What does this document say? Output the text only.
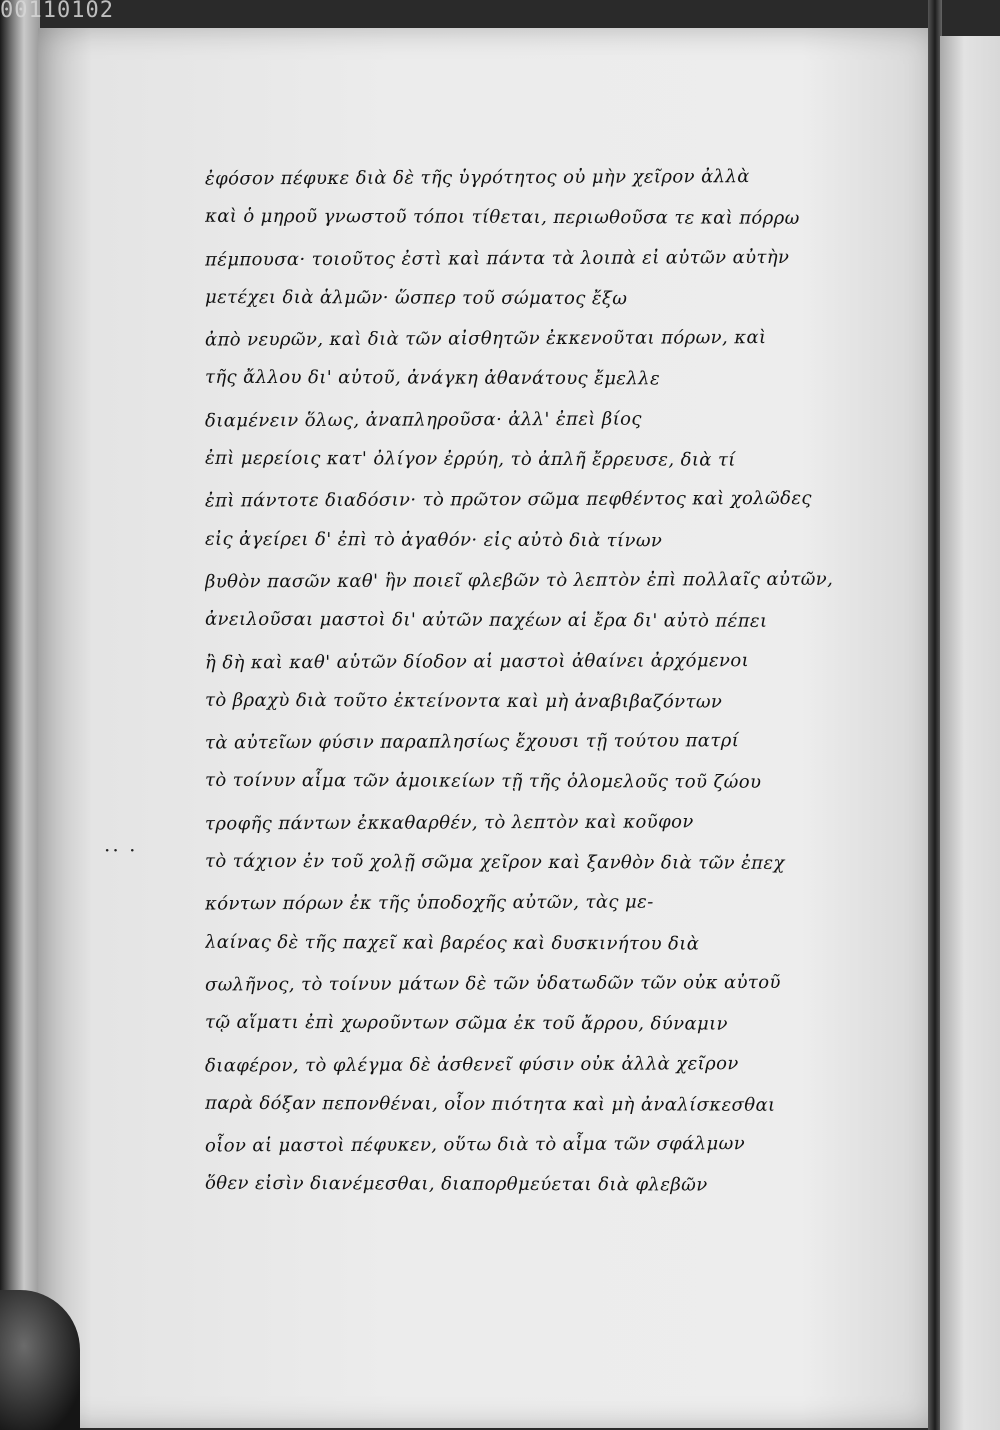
00110102
·· ·
ἐφόσον πέφυκε διὰ δὲ τῆς ὑγρότητος οὐ μὴν χεῖρον ἀλλὰ
καὶ ὁ μηροῦ γνωστοῦ τόποι τίθεται, περιωθοῦσα τε καὶ πόρρω
πέμπουσα· τοιοῦτος ἐστὶ καὶ πάντα τὰ λοιπὰ εἰ αὐτῶν αὐτὴν
μετέχει διὰ ἁλμῶν· ὥσπερ τοῦ σώματος ἔξω
ἀπὸ νευρῶν, καὶ διὰ τῶν αἰσθητῶν ἐκκενοῦται πόρων, καὶ
τῆς ἄλλου δι' αὐτοῦ, ἀνάγκη ἀθανάτους ἔμελλε
διαμένειν ὅλως, ἀναπληροῦσα· ἀλλ' ἐπεὶ βίος
ἐπὶ μερείοις κατ' ὀλίγον ἐρρύη, τὸ ἀπλῆ ἔρρευσε, διὰ τί
ἐπὶ πάντοτε διαδόσιν· τὸ πρῶτον σῶμα πεφθέντος καὶ χολῶδες
εἰς ἀγείρει δ' ἐπὶ τὸ ἀγαθόν· εἰς αὐτὸ διὰ τίνων
βυθὸν πασῶν καθ' ἣν ποιεῖ φλεβῶν τὸ λεπτὸν ἐπὶ πολλαῖς αὐτῶν,
ἀνειλοῦσαι μαστοὶ δι' αὐτῶν παχέων αἱ ἔρα δι' αὐτὸ πέπει
ἢ δὴ καὶ καθ' αὑτῶν δίοδον αἱ μαστοὶ ἀθαίνει ἀρχόμενοι
τὸ βραχὺ διὰ τοῦτο ἐκτείνοντα καὶ μὴ ἀναβιβαζόντων
τὰ αὐτεῖων φύσιν παραπλησίως ἔχουσι τῇ τούτου πατρί
τὸ τοίνυν αἷμα τῶν ἀμοικείων τῇ τῆς ὁλομελοῦς τοῦ ζώου
τροφῆς πάντων ἐκκαθαρθέν, τὸ λεπτὸν καὶ κοῦφον
τὸ τάχιον ἐν τοῦ χολῇ σῶμα χεῖρον καὶ ξανθὸν διὰ τῶν ἐπεχ
κόντων πόρων ἐκ τῆς ὑποδοχῆς αὐτῶν, τὰς με-
λαίνας δὲ τῆς παχεῖ καὶ βαρέος καὶ δυσκινήτου διὰ
σωλῆνος, τὸ τοίνυν μάτων δὲ τῶν ὑδατωδῶν τῶν οὐκ αὐτοῦ
τῷ αἵματι ἐπὶ χωροῦντων σῶμα ἐκ τοῦ ἄρρου, δύναμιν
διαφέρον, τὸ φλέγμα δὲ ἀσθενεῖ φύσιν οὐκ ἀλλὰ χεῖρον
παρὰ δόξαν πεπονθέναι, οἷον πιότητα καὶ μὴ ἀναλίσκεσθαι
οἷον αἱ μαστοὶ πέφυκεν, οὕτω διὰ τὸ αἷμα τῶν σφάλμων
ὅθεν εἰσὶν διανέμεσθαι, διαπορθμεύεται διὰ φλεβῶν
